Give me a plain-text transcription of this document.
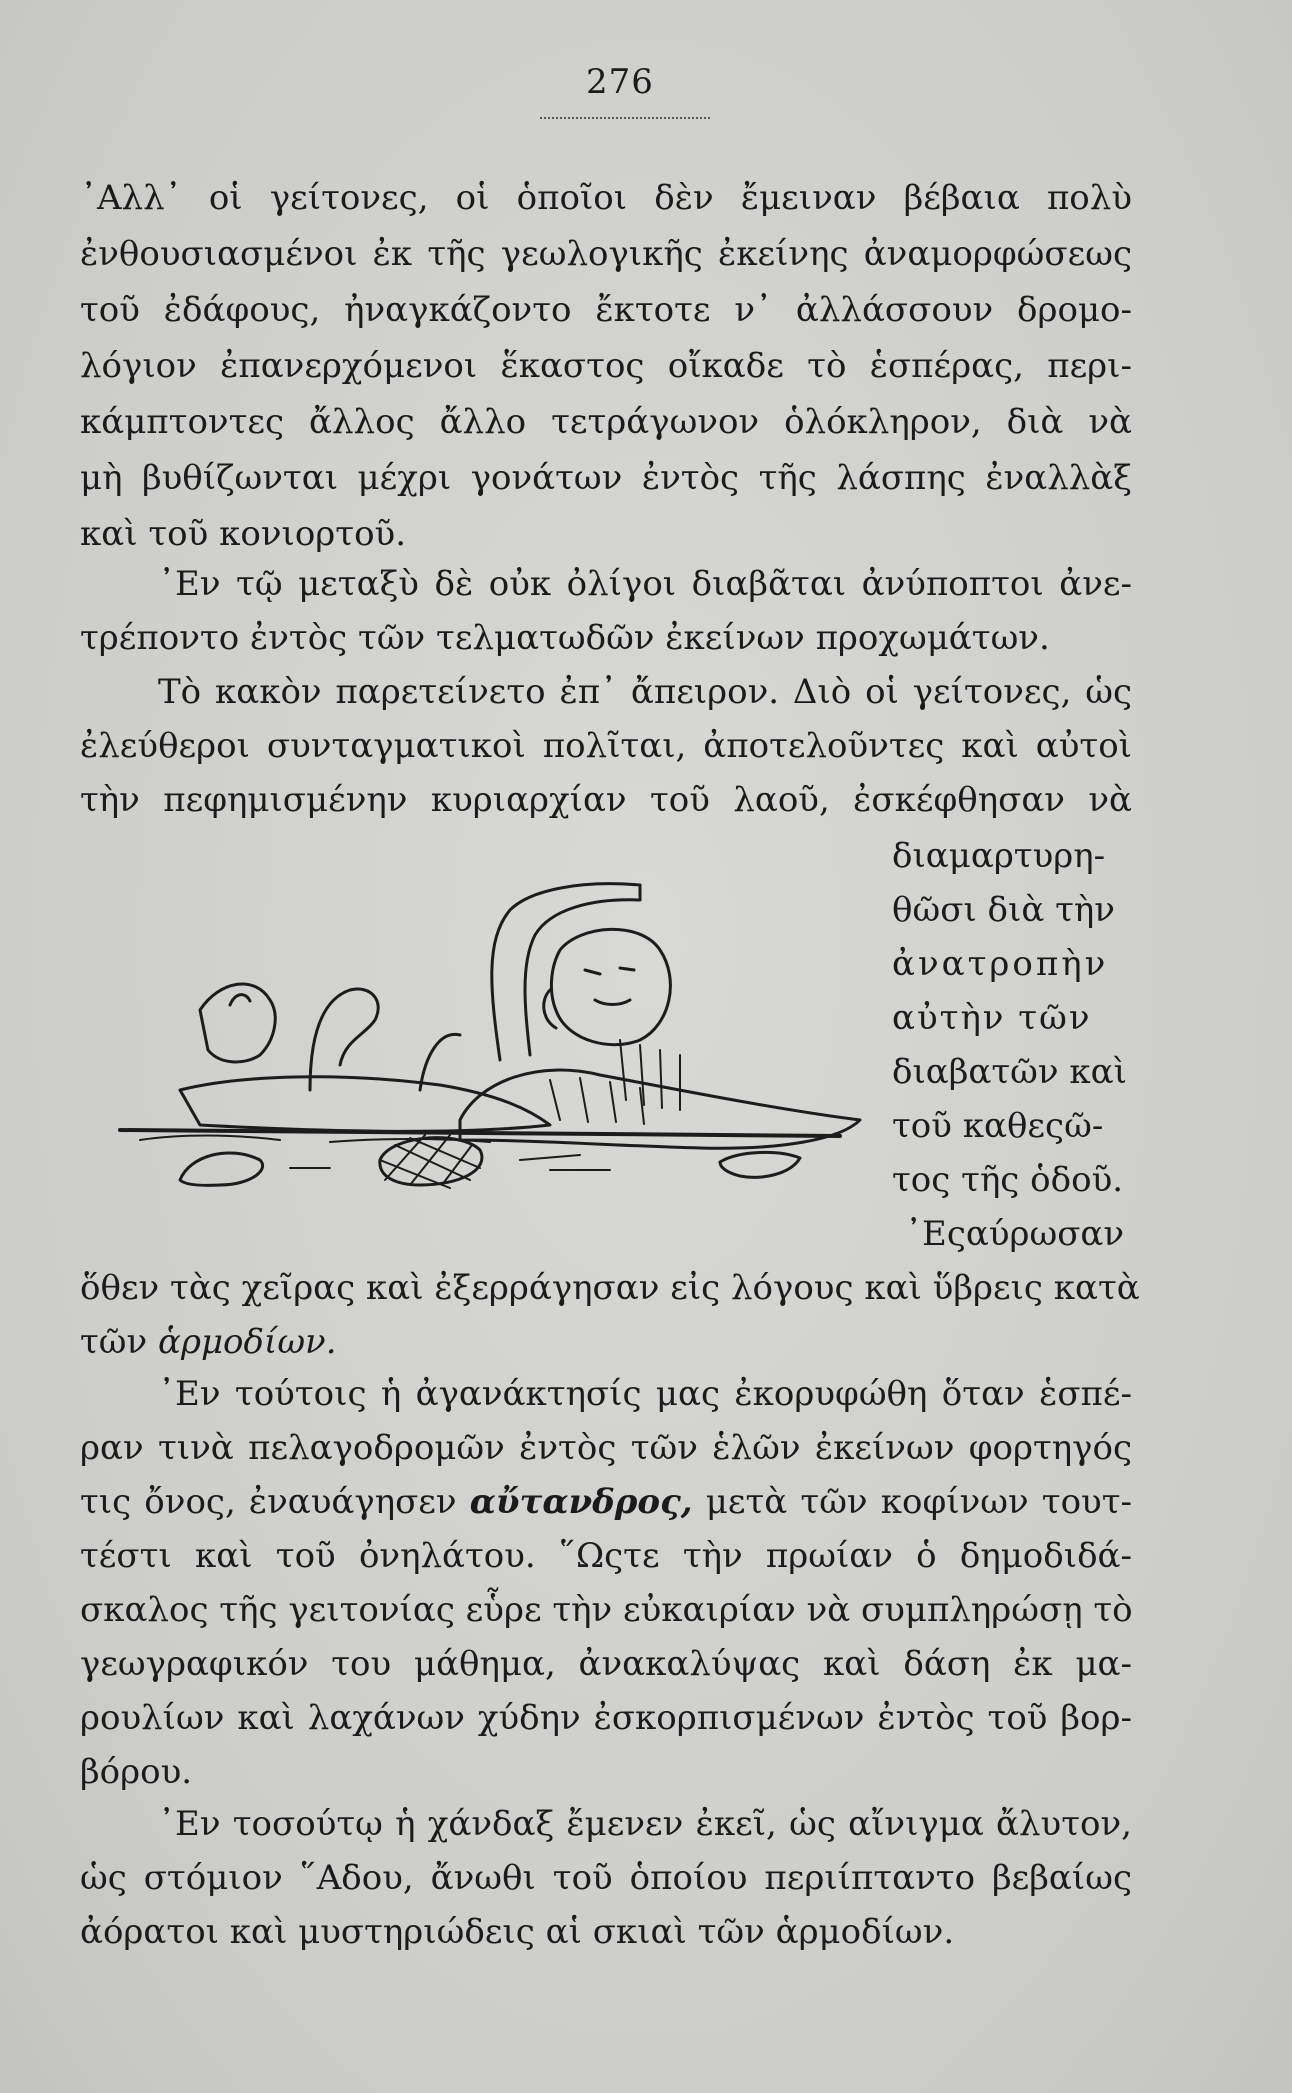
276
᾿Αλλ᾿ οἱ γείτονες, οἱ ὁποῖοι δὲν ἔμειναν βέβαια πολὺ
ἐνθουσιασμένοι ἐκ τῆς γεωλογικῆς ἐκείνης ἀναμορφώσεως
τοῦ ἐδάφους, ἠναγκάζοντο ἔκτοτε ν᾿ ἀλλάσσουν δρομο-
λόγιον ἐπανερχόμενοι ἕκαστος οἴκαδε τὸ ἑσπέρας, περι-
κάμπτοντες ἄλλος ἄλλο τετράγωνον ὁλόκληρον, διὰ νὰ
μὴ βυθίζωνται μέχρι γονάτων ἐντὸς τῆς λάσπης ἐναλλὰξ
καὶ τοῦ κονιορτοῦ.
᾿Εν τῷ μεταξὺ δὲ οὐκ ὀλίγοι διαβᾶται ἀνύποπτοι ἀνε-
τρέποντο ἐντὸς τῶν τελματωδῶν ἐκείνων προχωμάτων.
Τὸ κακὸν παρετείνετο ἐπ᾿ ἄπειρον. Διὸ οἱ γείτονες, ὡς
ἐλεύθεροι συνταγματικοὶ πολῖται, ἀποτελοῦντες καὶ αὐτοὶ
τὴν πεφημισμένην κυριαρχίαν τοῦ λαοῦ, ἐσκέφθησαν νὰ
διαμαρτυρη-
θῶσι διὰ τὴν
ἀνατροπὴν
αὐτὴν τῶν
διαβατῶν καὶ
τοῦ καθεςῶ-
τος τῆς ὁδοῦ.
᾿Εςαύρωσαν
ὅθεν τὰς χεῖρας καὶ ἐξερράγησαν εἰς λόγους καὶ ὕβρεις κατὰ
τῶν ἁρμοδίων.
᾿Εν τούτοις ἡ ἀγανάκτησίς μας ἐκορυφώθη ὅταν ἑσπέ-
ραν τινὰ πελαγοδρομῶν ἐντὸς τῶν ἑλῶν ἐκείνων φορτηγός
τις ὄνος, ἐναυάγησεν αὔτανδρος, μετὰ τῶν κοφίνων τουτ-
τέστι καὶ τοῦ ὀνηλάτου. ῞Ωςτε τὴν πρωίαν ὁ δημοδιδά-
σκαλος τῆς γειτονίας εὗρε τὴν εὐκαιρίαν νὰ συμπληρώσῃ τὸ
γεωγραφικόν του μάθημα, ἀνακαλύψας καὶ δάση ἐκ μα-
ρουλίων καὶ λαχάνων χύδην ἐσκορπισμένων ἐντὸς τοῦ βορ-
βόρου.
᾿Εν τοσούτῳ ἡ χάνδαξ ἔμενεν ἐκεῖ, ὡς αἴνιγμα ἄλυτον,
ὡς στόμιον ῞Αδου, ἄνωθι τοῦ ὁποίου περιίπταντο βεβαίως
ἀόρατοι καὶ μυστηριώδεις αἱ σκιαὶ τῶν ἁρμοδίων.
